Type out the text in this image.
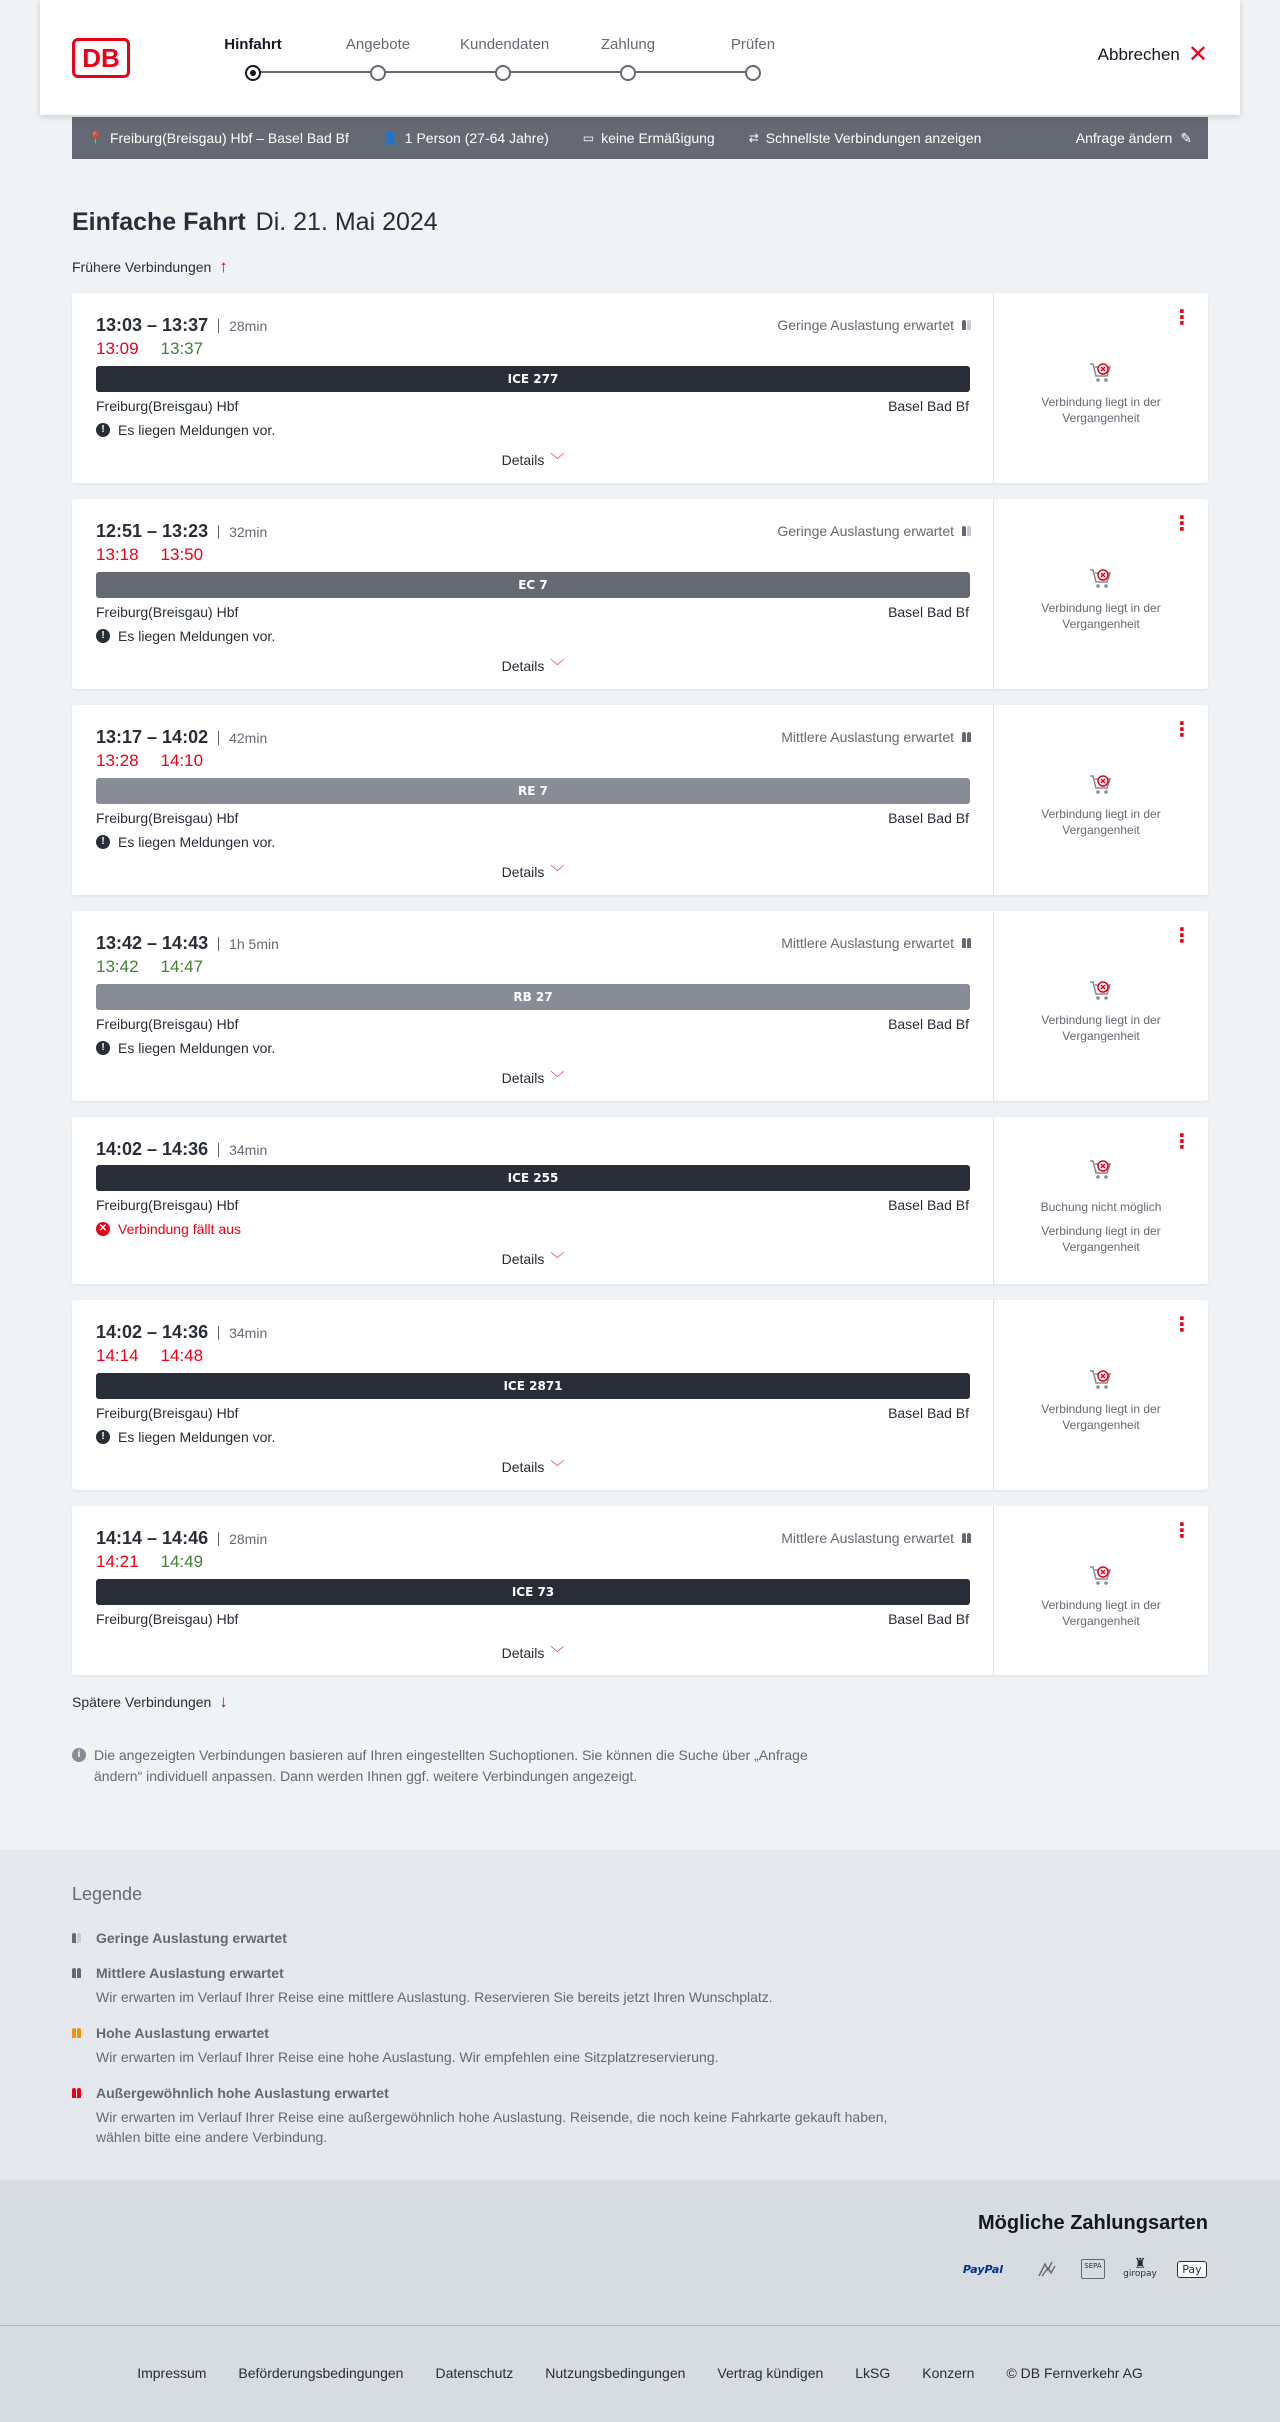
DB	Hinfahrt	Angebote	Kundendaten	Zahlung	Prüfen
Abbrechen ✕
📍 Freiburg(Breisgau) Hbf – Basel Bad Bf	👤 1 Person (27-64 Jahre)	▭ keine Ermäßigung	⇄ Schnellste Verbindungen anzeigen	Anfrage ändern ✎
Einfache Fahrt Di. 21. Mai 2024
Frühere Verbindungen ↑
13:03 – 13:37	28min
13:09 13:37
Geringe Auslastung erwartet
ICE 277
Freiburg(Breisgau) Hbf	Basel Bad Bf
! Es liegen Meldungen vor.
Details ﹀
⋮
Verbindung liegt in der Vergangenheit
12:51 – 13:23	32min
13:18 13:50
Geringe Auslastung erwartet
EC 7
Freiburg(Breisgau) Hbf	Basel Bad Bf
! Es liegen Meldungen vor.
Details ﹀
⋮
Verbindung liegt in der Vergangenheit
13:17 – 14:02	42min
13:28 14:10
Mittlere Auslastung erwartet
RE 7
Freiburg(Breisgau) Hbf	Basel Bad Bf
! Es liegen Meldungen vor.
Details ﹀
⋮
Verbindung liegt in der Vergangenheit
13:42 – 14:43	1h 5min
13:42 14:47
Mittlere Auslastung erwartet
RB 27
Freiburg(Breisgau) Hbf	Basel Bad Bf
! Es liegen Meldungen vor.
Details ﹀
⋮
Verbindung liegt in der Vergangenheit
14:02 – 14:36	34min
ICE 255
Freiburg(Breisgau) Hbf	Basel Bad Bf
✕ Verbindung fällt aus
Details ﹀
⋮
Buchung nicht möglich
Verbindung liegt in der Vergangenheit
14:02 – 14:36	34min
14:14 14:48
ICE 2871
Freiburg(Breisgau) Hbf	Basel Bad Bf
! Es liegen Meldungen vor.
Details ﹀
⋮
Verbindung liegt in der Vergangenheit
14:14 – 14:46	28min
14:21 14:49
Mittlere Auslastung erwartet
ICE 73
Freiburg(Breisgau) Hbf	Basel Bad Bf
Details ﹀
⋮
Verbindung liegt in der Vergangenheit
Spätere Verbindungen ↓
i Die angezeigten Verbindungen basieren auf Ihren eingestellten Suchoptionen. Sie können die Suche über „Anfrage ändern“ individuell anpassen. Dann werden Ihnen ggf. weitere Verbindungen angezeigt.
Legende
Geringe Auslastung erwartet
Mittlere Auslastung erwartet
Wir erwarten im Verlauf Ihrer Reise eine mittlere Auslastung. Reservieren Sie bereits jetzt Ihren Wunschplatz.
Hohe Auslastung erwartet
Wir erwarten im Verlauf Ihrer Reise eine hohe Auslastung. Wir empfehlen eine Sitzplatzreservierung.
Außergewöhnlich hohe Auslastung erwartet
Wir erwarten im Verlauf Ihrer Reise eine außergewöhnlich hohe Auslastung. Reisende, die noch keine Fahrkarte gekauft haben, wählen bitte eine andere Verbindung.
Mögliche Zahlungsarten
PayPal	SEPA	♜
giropay	Pay
Impressum Beförderungsbedingungen Datenschutz Nutzungsbedingungen Vertrag kündigen LkSG Konzern © DB Fernverkehr AG
